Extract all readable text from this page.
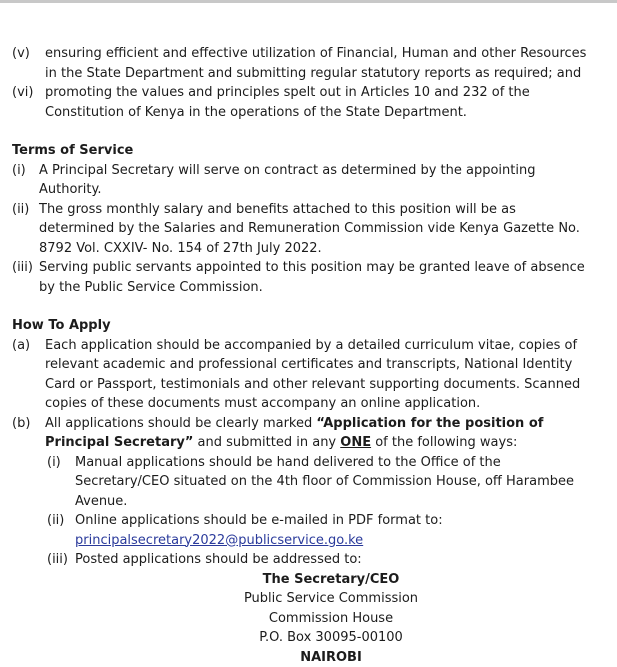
(v)	ensuring efficient and effective utilization of Financial, Human and other Resources in the State Department and submitting regular statutory reports as required; and
(vi) promoting the values and principles spelt out in Articles 10 and 232 of the Constitution of Kenya in the operations of the State Department.
Terms of Service
(i)	A Principal Secretary will serve on contract as determined by the appointing Authority.
(ii) The gross monthly salary and benefits attached to this position will be as determined by the Salaries and Remuneration Commission vide Kenya Gazette No. 8792 Vol. CXXIV- No. 154 of 27th July 2022.
(iii) Serving public servants appointed to this position may be granted leave of absence by the Public Service Commission.
How To Apply
(a)	Each application should be accompanied by a detailed curriculum vitae, copies of relevant academic and professional certificates and transcripts, National Identity Card or Passport, testimonials and other relevant supporting documents. Scanned copies of these documents must accompany an online application.
(b)	All applications should be clearly marked “Application for the position of Principal Secretary” and submitted in any ONE of the following ways:
(i)	Manual applications should be hand delivered to the Office of the Secretary/CEO situated on the 4th floor of Commission House, off Harambee Avenue.
(ii) Online applications should be e-mailed in PDF format to:
principalsecretary2022@publicservice.go.ke
(iii) Posted applications should be addressed to:
The Secretary/CEO
Public Service Commission
Commission House
P.O. Box 30095-00100
NAIROBI
